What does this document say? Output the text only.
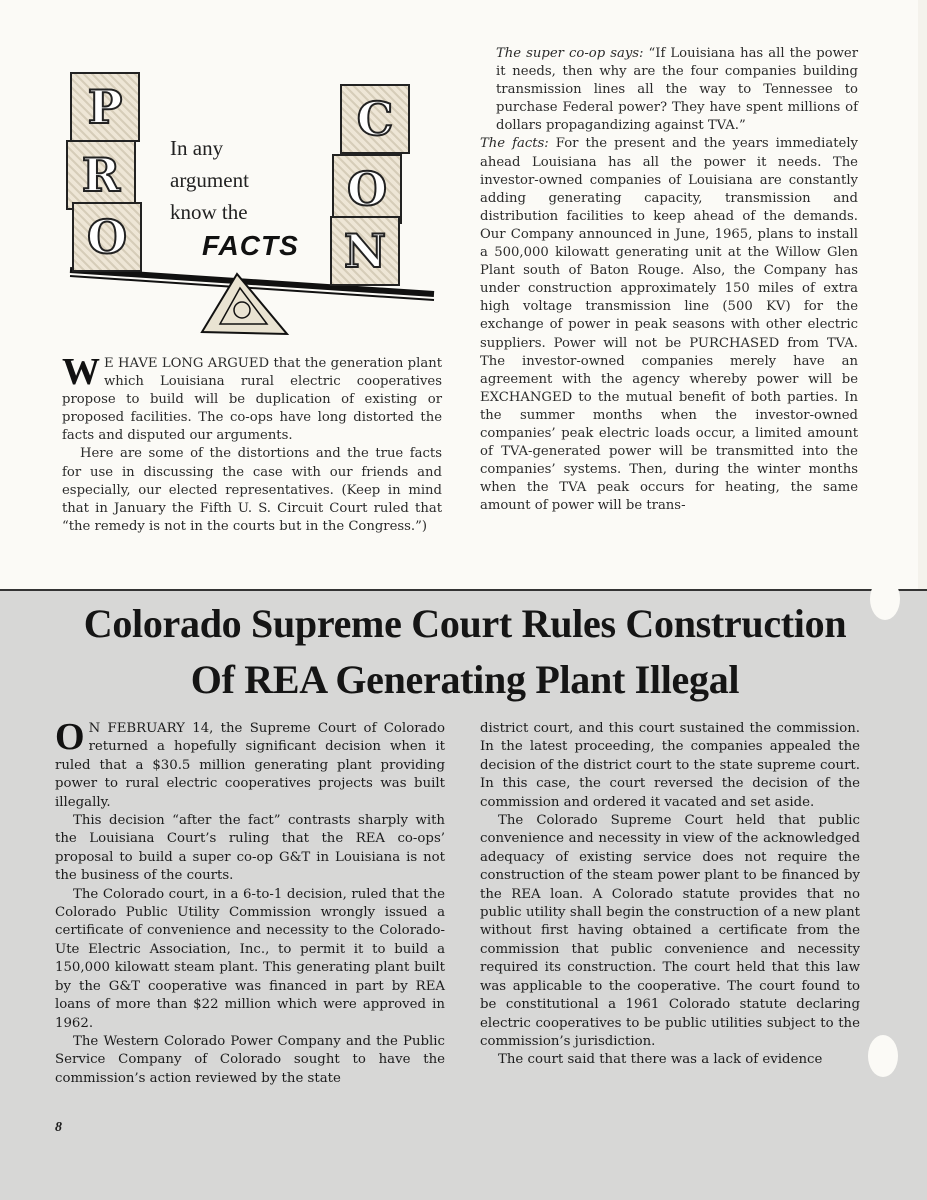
P
R
O
C
O
N
In any
argument
know the
FACTS

W E HAVE LONG ARGUED that the generation plant which Louisiana rural electric cooperatives propose to build will be duplication of existing or proposed facilities. The co-ops have long distorted the facts and disputed our arguments.

Here are some of the distortions and the true facts for use in discussing the case with our friends and especially, our elected representatives. (Keep in mind that in January the Fifth U. S. Circuit Court ruled that “the remedy is not in the courts but in the Congress.”)

The super co-op says: “If Louisiana has all the power it needs, then why are the four companies building transmission lines all the way to Tennessee to purchase Federal power? They have spent millions of dollars propagandizing against TVA.”

The facts: For the present and the years immediately ahead Louisiana has all the power it needs. The investor-owned companies of Louisiana are constantly adding generating capacity, transmission and distribution facilities to keep ahead of the demands. Our Company announced in June, 1965, plans to install a 500,000 kilowatt generating unit at the Willow Glen Plant south of Baton Rouge. Also, the Company has under construction approximately 150 miles of extra high voltage transmission line (500 KV) for the exchange of power in peak seasons with other electric suppliers. Power will not be PURCHASED from TVA. The investor-owned companies merely have an agreement with the agency whereby power will be EXCHANGED to the mutual benefit of both parties. In the summer months when the investor-owned companies’ peak electric loads occur, a limited amount of TVA-generated power will be transmitted into the companies’ systems. Then, during the winter months when the TVA peak occurs for heating, the same amount of power will be trans-

Colorado Supreme Court Rules Construction
Of REA Generating Plant Illegal

O N FEBRUARY 14, the Supreme Court of Colorado returned a hopefully significant decision when it ruled that a $30.5 million generating plant providing power to rural electric cooperatives projects was built illegally.

This decision “after the fact” contrasts sharply with the Louisiana Court’s ruling that the REA co-ops’ proposal to build a super co-op G&T in Louisiana is not the business of the courts.

The Colorado court, in a 6-to-1 decision, ruled that the Colorado Public Utility Commission wrongly issued a certificate of convenience and necessity to the Colorado-Ute Electric Association, Inc., to permit it to build a 150,000 kilowatt steam plant. This generating plant built by the G&T cooperative was financed in part by REA loans of more than $22 million which were approved in 1962.

The Western Colorado Power Company and the Public Service Company of Colorado sought to have the commission’s action reviewed by the state

district court, and this court sustained the commission. In the latest proceeding, the companies appealed the decision of the district court to the state supreme court. In this case, the court reversed the decision of the commission and ordered it vacated and set aside.

The Colorado Supreme Court held that public convenience and necessity in view of the acknowledged adequacy of existing service does not require the construction of the steam power plant to be financed by the REA loan. A Colorado statute provides that no public utility shall begin the construction of a new plant without first having obtained a certificate from the commission that public convenience and necessity required its construction. The court held that this law was applicable to the cooperative. The court found to be constitutional a 1961 Colorado statute declaring electric cooperatives to be public utilities subject to the commission’s jurisdiction.

The court said that there was a lack of evidence

8
